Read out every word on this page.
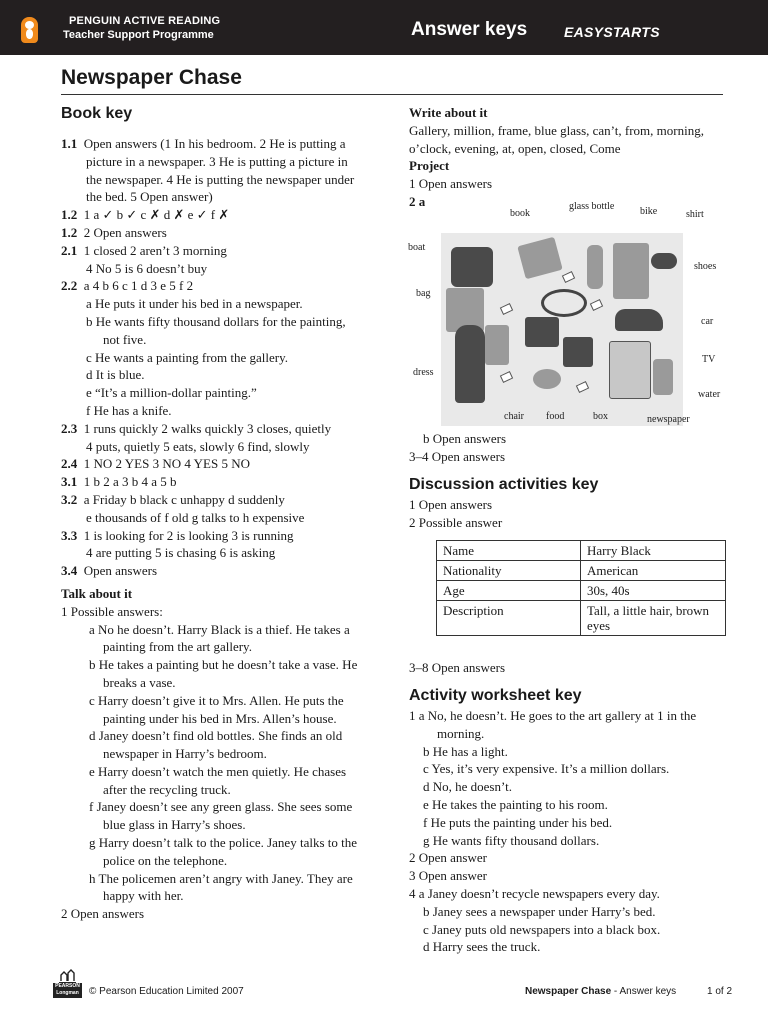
PENGUIN ACTIVE READING
Teacher Support Programme	Answer keys	EASYSTARTS
Newspaper Chase
Book key
1.1 Open answers (1 In his bedroom. 2 He is putting a
picture in a newspaper. 3 He is putting a picture in
the newspaper. 4 He is putting the newspaper under
the bed. 5 Open answer)
1.2 1 a ✓ b ✓ c ✗ d ✗ e ✓ f ✗
1.2 2 Open answers
2.1 1 closed 2 aren’t 3 morning
4 No 5 is 6 doesn’t buy
2.2 a 4 b 6 c 1 d 3 e 5 f 2
a He puts it under his bed in a newspaper.
b He wants fifty thousand dollars for the painting,
not five.
c He wants a painting from the gallery.
d It is blue.
e “It’s a million-dollar painting.”
f He has a knife.
2.3 1 runs quickly 2 walks quickly 3 closes, quietly
4 puts, quietly 5 eats, slowly 6 find, slowly
2.4 1 NO 2 YES 3 NO 4 YES 5 NO
3.1 1 b 2 a 3 b 4 a 5 b
3.2 a Friday b black c unhappy d suddenly
e thousands of f old g talks to h expensive
3.3 1 is looking for 2 is looking 3 is running
4 are putting 5 is chasing 6 is asking
3.4 Open answers
Talk about it
1 Possible answers:
a No he doesn’t. Harry Black is a thief. He takes a painting from the art gallery.
b He takes a painting but he doesn’t take a vase. He breaks a vase.
c Harry doesn’t give it to Mrs. Allen. He puts the painting under his bed in Mrs. Allen’s house.
d Janey doesn’t find old bottles. She finds an old newspaper in Harry’s bedroom.
e Harry doesn’t watch the men quietly. He chases after the recycling truck.
f Janey doesn’t see any green glass. She sees some blue glass in Harry’s shoes.
g Harry doesn’t talk to the police. Janey talks to the police on the telephone.
h The policemen aren’t angry with Janey. They are happy with her.
2 Open answers
Write about it
Gallery, million, frame, blue glass, can’t, from, morning, o’clock, evening, at, open, closed, Come
Project
1 Open answers
2 a
book
glass bottle	bike	shirt
boat
shoes
bag
car
TV
dress
water
chair food	box	newspaper
b Open answers
3–4 Open answers
Discussion activities key
1 Open answers
2 Possible answer
Name	Harry Black
Nationality	American
Age	30s, 40s
Description	Tall, a little hair, brown eyes
3–8 Open answers
Activity worksheet key
1 a No, he doesn’t. He goes to the art gallery at 1 in the
morning.
b He has a light.
c Yes, it’s very expensive. It’s a million dollars.
d No, he doesn’t.
e He takes the painting to his room.
f He puts the painting under his bed.
g He wants fifty thousand dollars.
2 Open answer
3 Open answer
4 a Janey doesn’t recycle newspapers every day.
b Janey sees a newspaper under Harry’s bed.
c Janey puts old newspapers into a black box.
d Harry sees the truck.
PEARSON Longman	© Pearson Education Limited 2007	Newspaper Chase - Answer keys	1 of 2
